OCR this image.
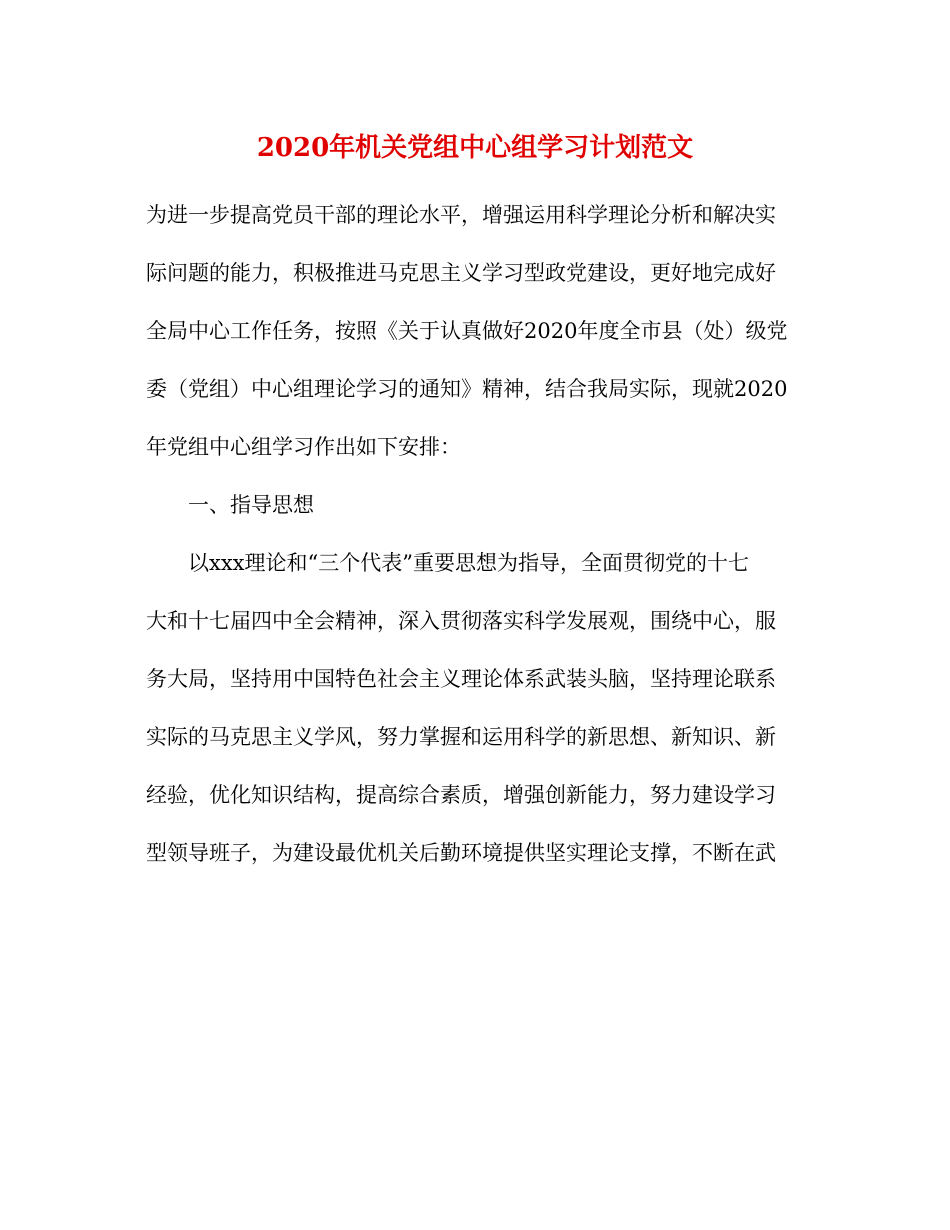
2020年机关党组中心组学习计划范文
为进一步提高党员干部的理论水平，增强运用科学理论分析和解决实
际问题的能力，积极推进马克思主义学习型政党建设，更好地完成好
全局中心工作任务，按照《关于认真做好2020年度全市县（处）级党
委（党组）中心组理论学习的通知》精神，结合我局实际，现就2020
年党组中心组学习作出如下安排：
　　一、指导思想
　　以xxx理论和“三个代表”重要思想为指导，全面贯彻党的十七
大和十七届四中全会精神，深入贯彻落实科学发展观，围绕中心，服
务大局，坚持用中国特色社会主义理论体系武装头脑，坚持理论联系
实际的马克思主义学风，努力掌握和运用科学的新思想、新知识、新
经验，优化知识结构，提高综合素质，增强创新能力，努力建设学习
型领导班子，为建设最优机关后勤环境提供坚实理论支撑，不断在武
